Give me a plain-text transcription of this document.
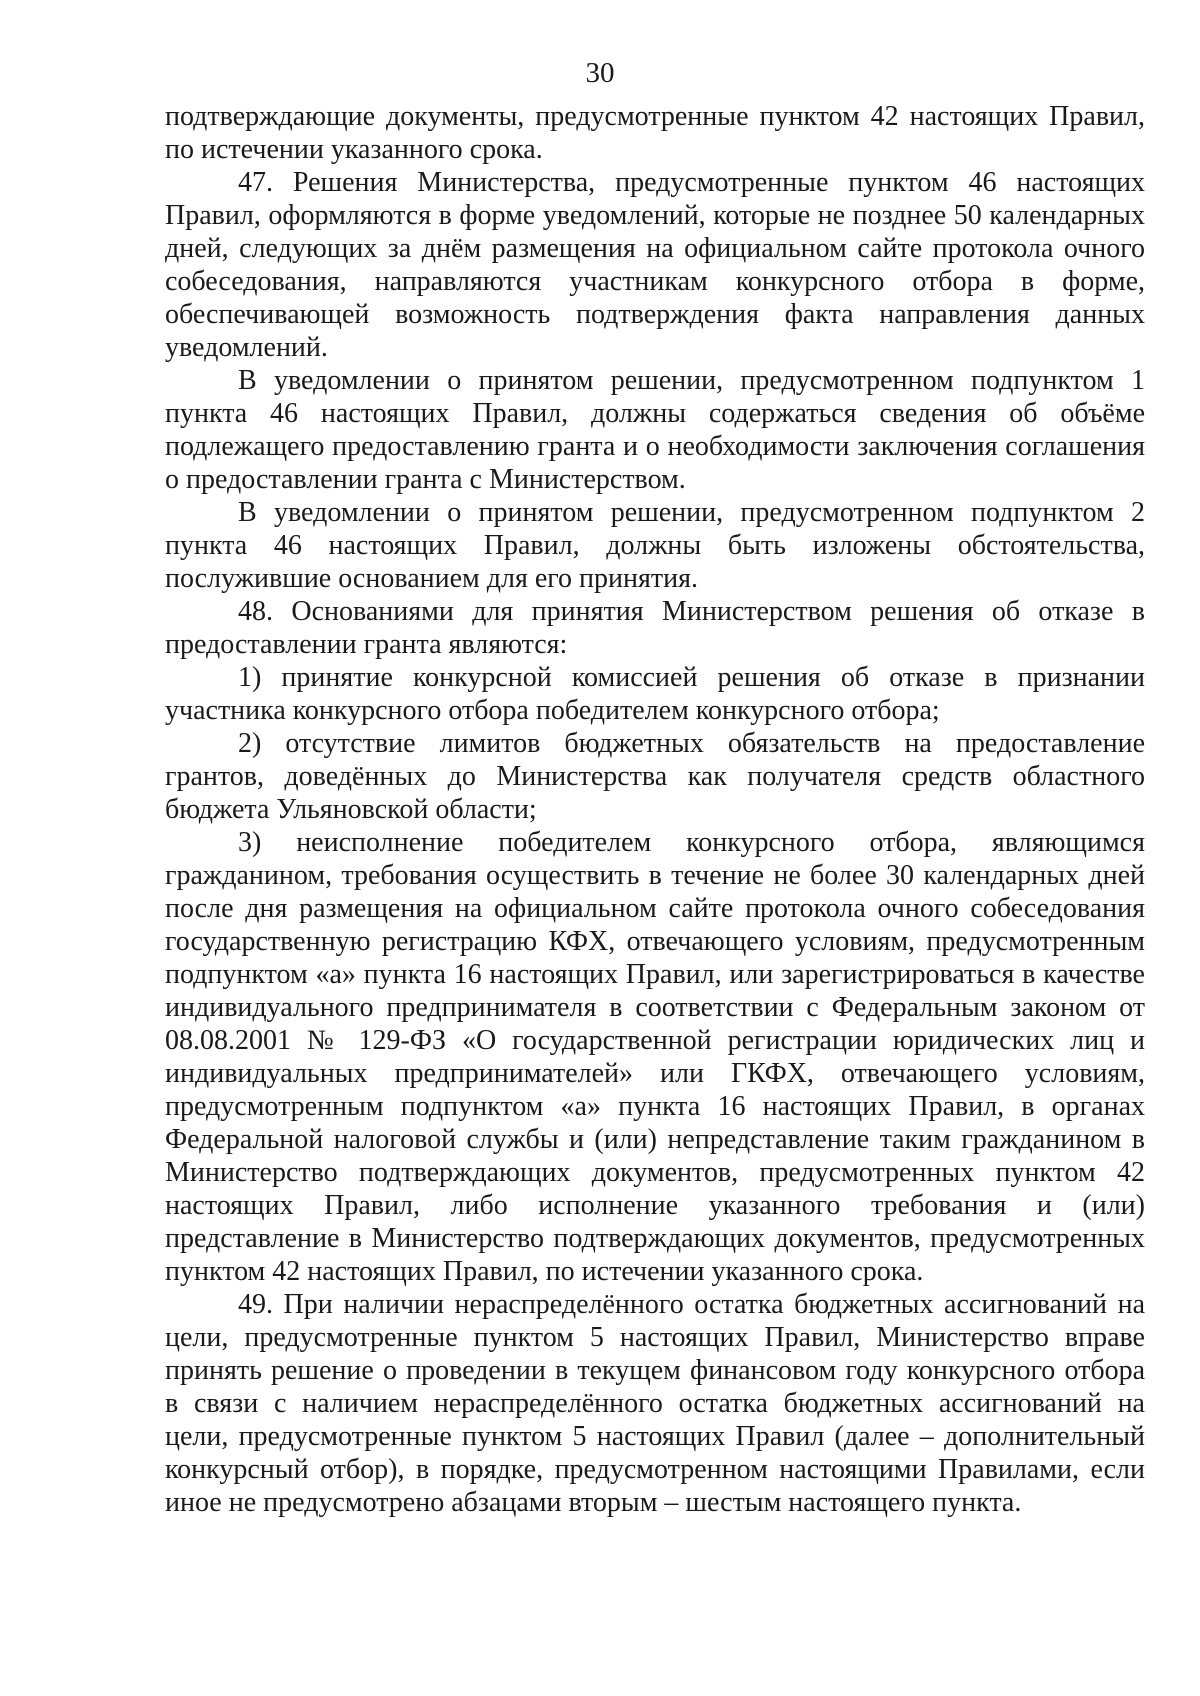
30

подтверждающие документы, предусмотренные пунктом 42 настоящих Правил, по истечении указанного срока.

47. Решения Министерства, предусмотренные пунктом 46 настоящих Правил, оформляются в форме уведомлений, которые не позднее 50 календарных дней, следующих за днём размещения на официальном сайте протокола очного собеседования, направляются участникам конкурсного отбора в форме, обеспечивающей возможность подтверждения факта направления данных уведомлений.

В уведомлении о принятом решении, предусмотренном подпунктом 1 пункта 46 настоящих Правил, должны содержаться сведения об объёме подлежащего предоставлению гранта и о необходимости заключения соглашения о предоставлении гранта с Министерством.

В уведомлении о принятом решении, предусмотренном подпунктом 2 пункта 46 настоящих Правил, должны быть изложены обстоятельства, послужившие основанием для его принятия.

48. Основаниями для принятия Министерством решения об отказе в предоставлении гранта являются:

1) принятие конкурсной комиссией решения об отказе в признании участника конкурсного отбора победителем конкурсного отбора;

2) отсутствие лимитов бюджетных обязательств на предоставление грантов, доведённых до Министерства как получателя средств областного бюджета Ульяновской области;

3) неисполнение победителем конкурсного отбора, являющимся гражданином, требования осуществить в течение не более 30 календарных дней после дня размещения на официальном сайте протокола очного собеседования государственную регистрацию КФХ, отвечающего условиям, предусмотренным подпунктом «а» пункта 16 настоящих Правил, или зарегистрироваться в качестве индивидуального предпринимателя в соответствии с Федеральным законом от 08.08.2001 № 129-ФЗ «О государственной регистрации юридических лиц и индивидуальных предпринимателей» или ГКФХ, отвечающего условиям, предусмотренным подпунктом «а» пункта 16 настоящих Правил, в органах Федеральной налоговой службы и (или) непредставление таким гражданином в Министерство подтверждающих документов, предусмотренных пунктом 42 настоящих Правил, либо исполнение указанного требования и (или) представление в Министерство подтверждающих документов, предусмотренных пунктом 42 настоящих Правил, по истечении указанного срока.

49. При наличии нераспределённого остатка бюджетных ассигнований на цели, предусмотренные пунктом 5 настоящих Правил, Министерство вправе принять решение о проведении в текущем финансовом году конкурсного отбора в связи с наличием нераспределённого остатка бюджетных ассигнований на цели, предусмотренные пунктом 5 настоящих Правил (далее – дополнительный конкурсный отбор), в порядке, предусмотренном настоящими Правилами, если иное не предусмотрено абзацами вторым – шестым настоящего пункта.
